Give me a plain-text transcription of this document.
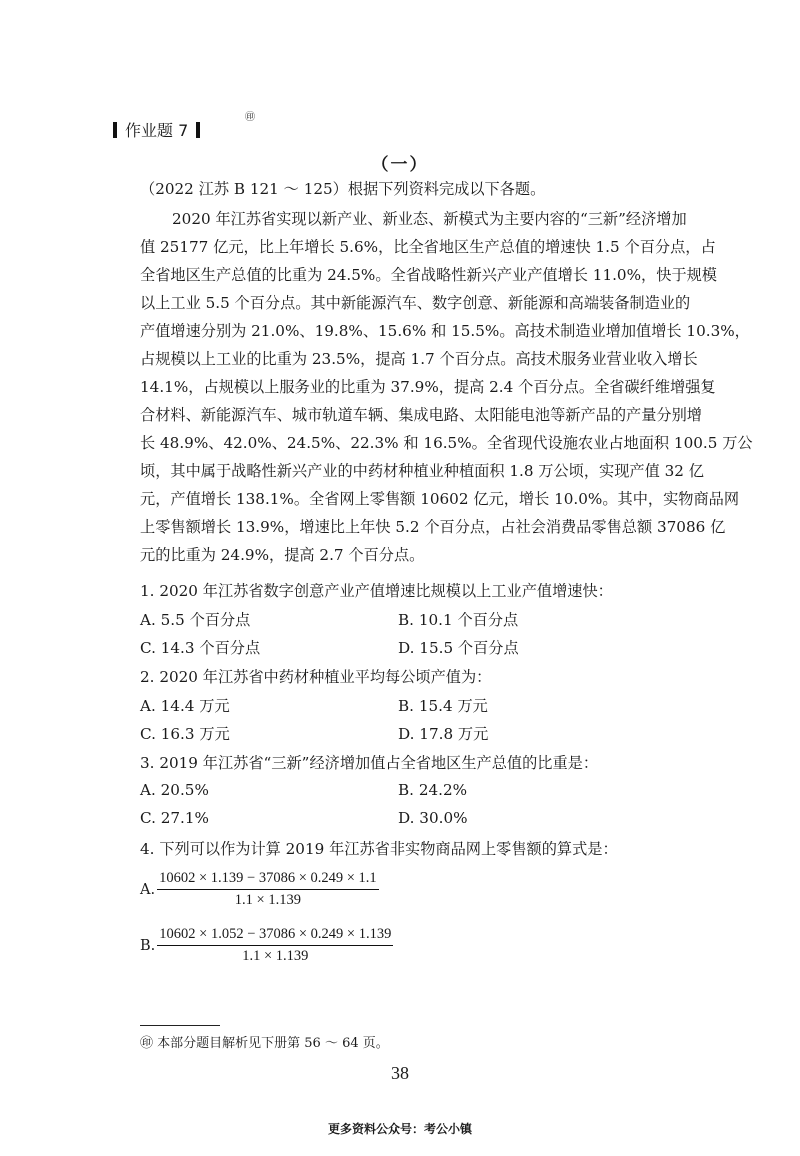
作业题 7
㊞
（一）
（2022 江苏 B 121 ～ 125）根据下列资料完成以下各题。
2020 年江苏省实现以新产业、新业态、新模式为主要内容的“三新”经济增加
值 25177 亿元，比上年增长 5.6%，比全省地区生产总值的增速快 1.5 个百分点，占
全省地区生产总值的比重为 24.5%。全省战略性新兴产业产值增长 11.0%，快于规模
以上工业 5.5 个百分点。其中新能源汽车、数字创意、新能源和高端装备制造业的
产值增速分别为 21.0%、19.8%、15.6% 和 15.5%。高技术制造业增加值增长 10.3%，
占规模以上工业的比重为 23.5%，提高 1.7 个百分点。高技术服务业营业收入增长
14.1%，占规模以上服务业的比重为 37.9%，提高 2.4 个百分点。全省碳纤维增强复
合材料、新能源汽车、城市轨道车辆、集成电路、太阳能电池等新产品的产量分别增
长 48.9%、42.0%、24.5%、22.3% 和 16.5%。全省现代设施农业占地面积 100.5 万公
顷，其中属于战略性新兴产业的中药材种植业种植面积 1.8 万公顷，实现产值 32 亿
元，产值增长 138.1%。全省网上零售额 10602 亿元，增长 10.0%。其中，实物商品网
上零售额增长 13.9%，增速比上年快 5.2 个百分点，占社会消费品零售总额 37086 亿
元的比重为 24.9%，提高 2.7 个百分点。
1. 2020 年江苏省数字创意产业产值增速比规模以上工业产值增速快：
A. 5.5 个百分点	B. 10.1 个百分点
C. 14.3 个百分点	D. 15.5 个百分点
2. 2020 年江苏省中药材种植业平均每公顷产值为：
A. 14.4 万元	B. 15.4 万元
C. 16.3 万元	D. 17.8 万元
3. 2019 年江苏省“三新”经济增加值占全省地区生产总值的比重是：
A. 20.5%	B. 24.2%
C. 27.1%	D. 30.0%
4. 下列可以作为计算 2019 年江苏省非实物商品网上零售额的算式是：
A. $\frac{10602 \times 1.139 - 37086 \times 0.249 \times 1.1}{1.1 \times 1.139}$
B. $\frac{10602 \times 1.052 - 37086 \times 0.249 \times 1.139}{1.1 \times 1.139}$
㊞ 本部分题目解析见下册第 56 ～ 64 页。
38
更多资料公众号：考公小镇
